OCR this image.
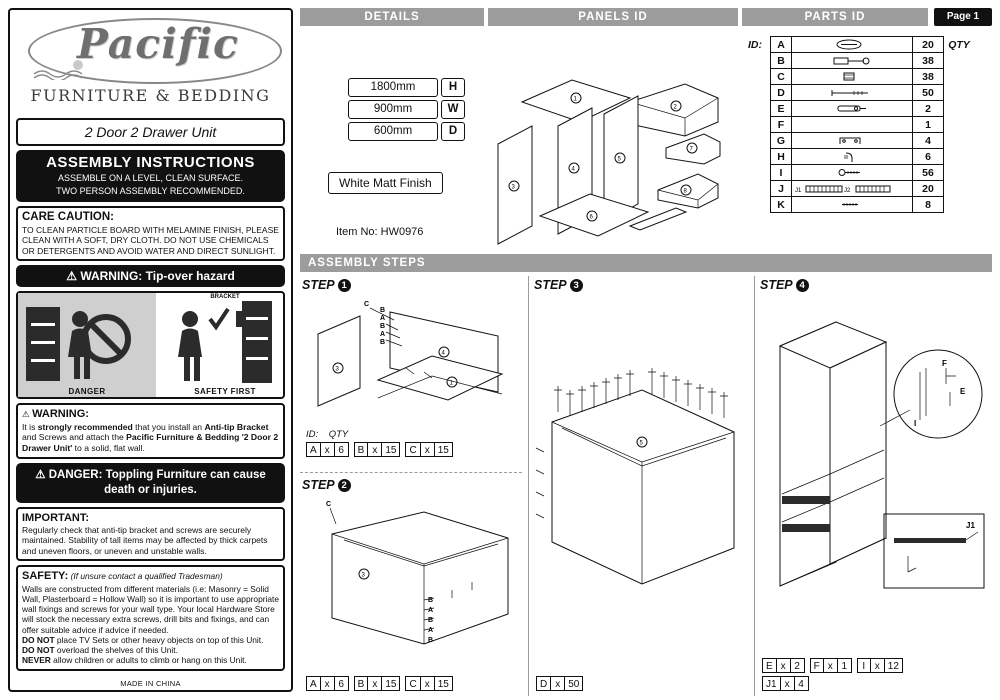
Pacific
FURNITURE & BEDDING
2 Door 2 Drawer Unit
ASSEMBLY INSTRUCTIONS
ASSEMBLE ON A LEVEL, CLEAN SURFACE.
TWO PERSON ASSEMBLY RECOMMENDED.
CARE CAUTION:
TO CLEAN PARTICLE BOARD WITH MELAMINE FINISH, PLEASE CLEAN WITH A SOFT, DRY CLOTH. DO NOT USE CHEMICALS OR DETERGENTS AND AVOID WATER AND DIRECT SUNLIGHT.
⚠ WARNING: Tip-over hazard
DANGER
BRACKET
SAFETY FIRST
⚠ WARNING:
It is strongly recommended that you install an Anti-tip Bracket and Screws and attach the Pacific Furniture & Bedding '2 Door 2 Drawer Unit' to a solid, flat wall.
⚠ DANGER: Toppling Furniture can cause
death or injuries.
IMPORTANT:
Regularly check that anti-tip bracket and screws are securely maintained. Stability of tall items may be affected by thick carpets and uneven floors, or uneven and unstable walls.
SAFETY: (If unsure contact a qualified Tradesman)
Walls are constructed from different materials (i.e: Masonry = Solid Wall, Plasterboard = Hollow Wall) so it is important to use appropriate wall fixings and screws for your wall type. Your local Hardware Store will stock the necessary extra screws, drill bits and fixings, and can offer suitable advice if advice if needed.
DO NOT place TV Sets or other heavy objects on top of this Unit.
DO NOT overload the shelves of this Unit.
NEVER allow children or adults to climb or hang on this Unit.
MADE IN CHINA
DETAILS	PANELS ID	PARTS ID	Page 1
1800mm	H
900mm	W
600mm	D
White Matt Finish
Item No: HW0976
1
2
3
4
5
6
7
8
ID:	A		20	QTY
	B		38	
	C		38	
	D		50	
	E		2	
	F		1	
	G		4	
	H		6	
	I		56	
	J	J1 J2	20	
	K		8	
ASSEMBLY STEPS
STEP 1
3
4
1
C
B
A
B
A
B
ID: QTY
A x 6	B x 15	C x 15
STEP 2
3
C
B
A
B
A
B
A x 6	B x 15	C x 15
STEP 3
5
D x 50
STEP 4
F
E
I
J1
E x 2	F x 1	I x 12
J1 x 4
